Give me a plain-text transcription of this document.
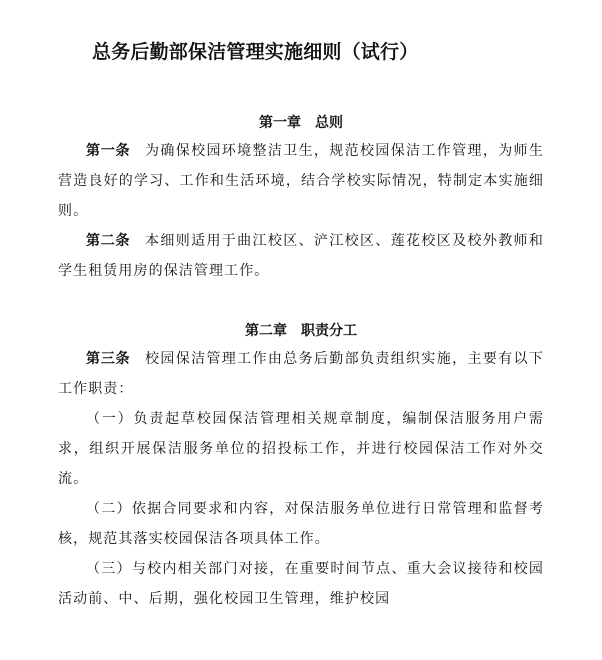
总务后勤部保洁管理实施细则（试行）
第一章　总则

第一条　为确保校园环境整洁卫生，规范校园保洁工作管理，为师生营造良好的学习、工作和生活环境，结合学校实际情况，特制定本实施细则。

第二条　本细则适用于曲江校区、浐江校区、莲花校区及校外教师和学生租赁用房的保洁管理工作。

第二章　职责分工

第三条　校园保洁管理工作由总务后勤部负责组织实施，主要有以下工作职责：

（一）负责起草校园保洁管理相关规章制度，编制保洁服务用户需求，组织开展保洁服务单位的招投标工作，并进行校园保洁工作对外交流。

（二）依据合同要求和内容，对保洁服务单位进行日常管理和监督考核，规范其落实校园保洁各项具体工作。

（三）与校内相关部门对接，在重要时间节点、重大会议接待和校园活动前、中、后期，强化校园卫生管理，维护校园
